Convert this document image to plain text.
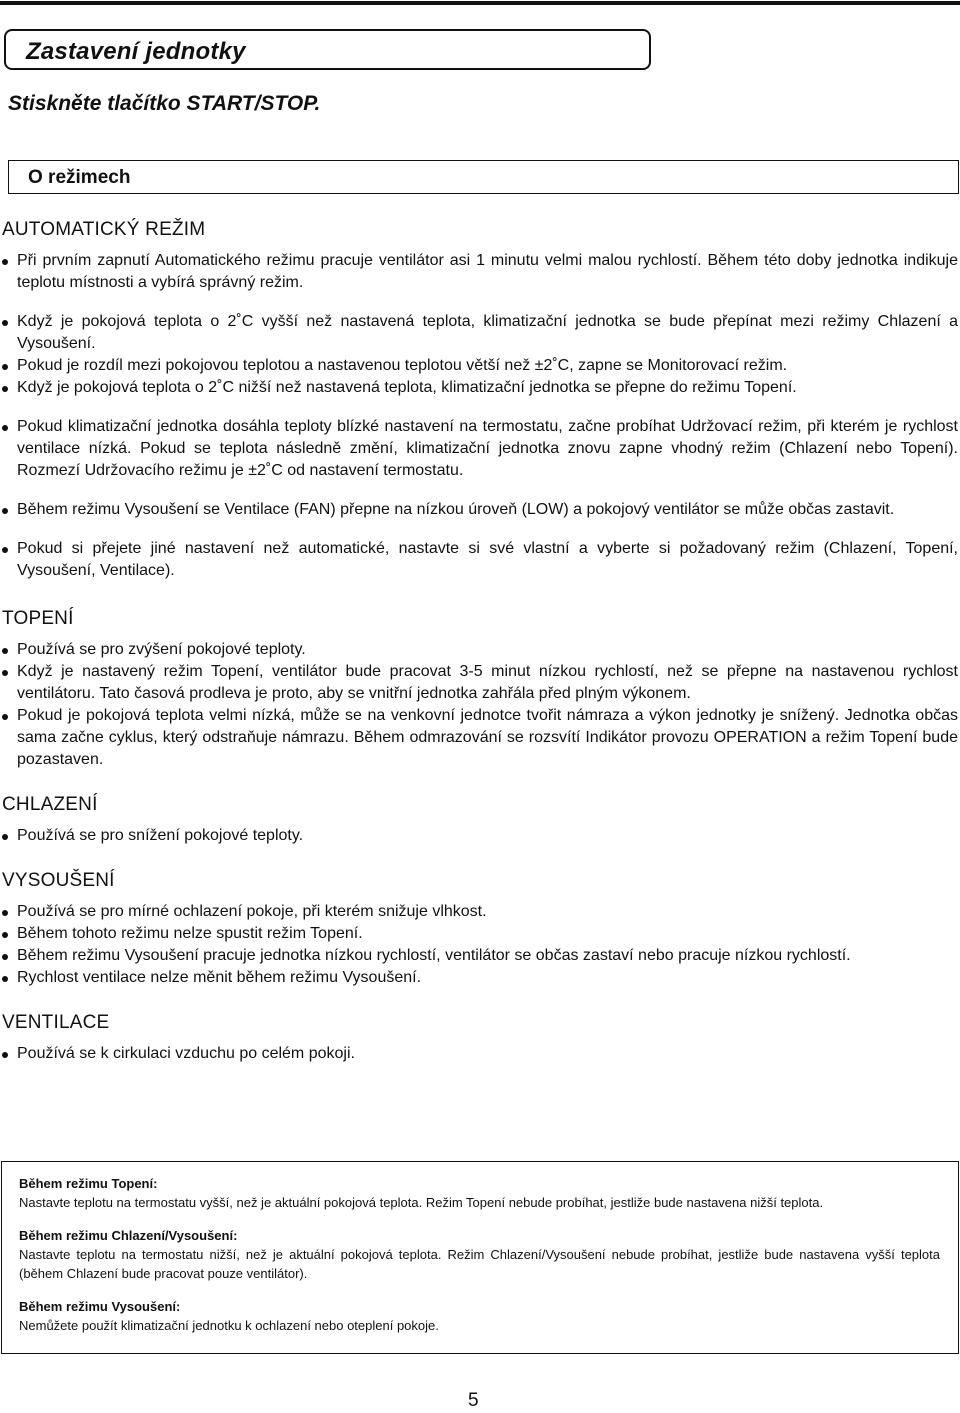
Zastavení jednotky
Stiskněte tlačítko START/STOP.
O režimech
AUTOMATICKÝ REŽIM
Při prvním zapnutí Automatického režimu pracuje ventilátor asi 1 minutu velmi malou rychlostí. Během této doby jednotka indikuje teplotu místnosti a vybírá správný režim.
Když je pokojová teplota o 2˚C vyšší než nastavená teplota, klimatizační jednotka se bude přepínat mezi režimy Chlazení a Vysoušení.
Pokud je rozdíl mezi pokojovou teplotou a nastavenou teplotou větší než ±2˚C, zapne se Monitorovací režim.
Když je pokojová teplota o 2˚C nižší než nastavená teplota, klimatizační jednotka se přepne do režimu Topení.
Pokud klimatizační jednotka dosáhla teploty blízké nastavení na termostatu, začne probíhat Udržovací režim, při kterém je rychlost ventilace nízká. Pokud se teplota následně změní, klimatizační jednotka znovu zapne vhodný režim (Chlazení nebo Topení). Rozmezí Udržovacího režimu je ±2˚C od nastavení termostatu.
Během režimu Vysoušení se Ventilace (FAN) přepne na nízkou úroveň (LOW) a pokojový ventilátor se může občas zastavit.
Pokud si přejete jiné nastavení než automatické, nastavte si své vlastní a vyberte si požadovaný režim (Chlazení, Topení, Vysoušení, Ventilace).
TOPENÍ
Používá se pro zvýšení pokojové teploty.
Když je nastavený režim Topení, ventilátor bude pracovat 3-5 minut nízkou rychlostí, než se přepne na nastavenou rychlost ventilátoru. Tato časová prodleva je proto, aby se vnitřní jednotka zahřála před plným výkonem.
Pokud je pokojová teplota velmi nízká, může se na venkovní jednotce tvořit námraza a výkon jednotky je snížený. Jednotka občas sama začne cyklus, který odstraňuje námrazu. Během odmrazování se rozsvítí Indikátor provozu OPERATION a režim Topení bude pozastaven.
CHLAZENÍ
Používá se pro snížení pokojové teploty.
VYSOUŠENÍ
Používá se pro mírné ochlazení pokoje, při kterém snižuje vlhkost.
Během tohoto režimu nelze spustit režim Topení.
Během režimu Vysoušení pracuje jednotka nízkou rychlostí, ventilátor se občas zastaví nebo pracuje nízkou rychlostí.
Rychlost ventilace nelze měnit během režimu Vysoušení.
VENTILACE
Používá se k cirkulaci vzduchu po celém pokoji.
Během režimu Topení:
Nastavte teplotu na termostatu vyšší, než je aktuální pokojová teplota. Režim Topení nebude probíhat, jestliže bude nastavena nižší teplota.
Během režimu Chlazení/Vysoušení:
Nastavte teplotu na termostatu nižší, než je aktuální pokojová teplota. Režim Chlazení/Vysoušení nebude probíhat, jestliže bude nastavena vyšší teplota (během Chlazení bude pracovat pouze ventilátor).
Během režimu Vysoušení:
Nemůžete použít klimatizační jednotku k ochlazení nebo oteplení pokoje.
5
